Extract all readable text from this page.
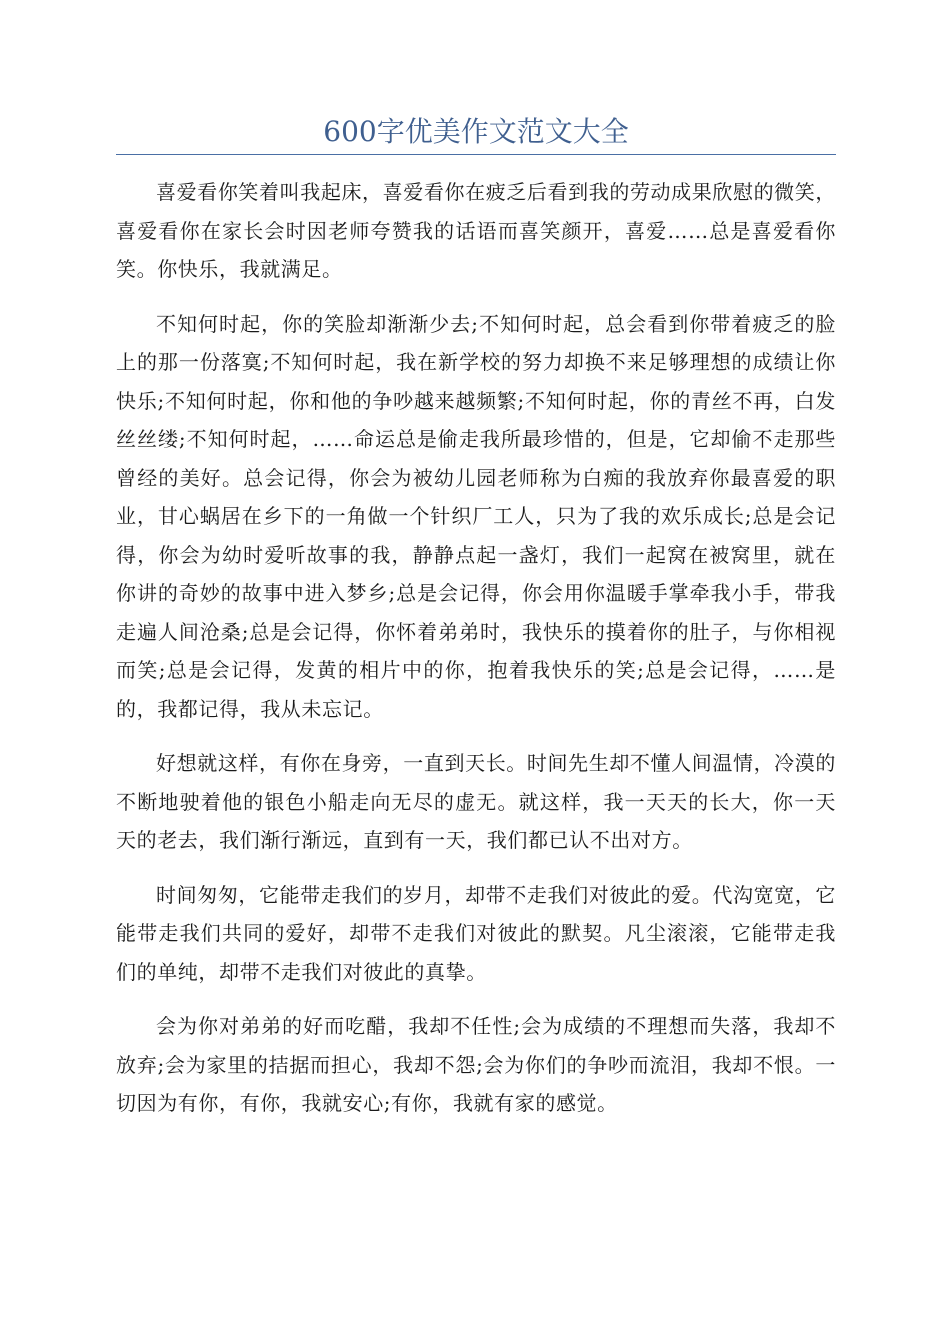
600字优美作文范文大全

喜爱看你笑着叫我起床，喜爱看你在疲乏后看到我的劳动成果欣慰的微笑，喜爱看你在家长会时因老师夸赞我的话语而喜笑颜开，喜爱……总是喜爱看你笑。你快乐，我就满足。

不知何时起，你的笑脸却渐渐少去;不知何时起，总会看到你带着疲乏的脸上的那一份落寞;不知何时起，我在新学校的努力却换不来足够理想的成绩让你快乐;不知何时起，你和他的争吵越来越频繁;不知何时起，你的青丝不再，白发丝丝缕;不知何时起，……命运总是偷走我所最珍惜的，但是，它却偷不走那些曾经的美好。总会记得，你会为被幼儿园老师称为白痴的我放弃你最喜爱的职业，甘心蜗居在乡下的一角做一个针织厂工人，只为了我的欢乐成长;总是会记得，你会为幼时爱听故事的我，静静点起一盏灯，我们一起窝在被窝里，就在你讲的奇妙的故事中进入梦乡;总是会记得，你会用你温暖手掌牵我小手，带我走遍人间沧桑;总是会记得，你怀着弟弟时，我快乐的摸着你的肚子，与你相视而笑;总是会记得，发黄的相片中的你，抱着我快乐的笑;总是会记得，……是的，我都记得，我从未忘记。

好想就这样，有你在身旁，一直到天长。时间先生却不懂人间温情，冷漠的不断地驶着他的银色小船走向无尽的虚无。就这样，我一天天的长大，你一天天的老去，我们渐行渐远，直到有一天，我们都已认不出对方。

时间匆匆，它能带走我们的岁月，却带不走我们对彼此的爱。代沟宽宽，它能带走我们共同的爱好，却带不走我们对彼此的默契。凡尘滚滚，它能带走我们的单纯，却带不走我们对彼此的真挚。

会为你对弟弟的好而吃醋，我却不任性;会为成绩的不理想而失落，我却不放弃;会为家里的拮据而担心，我却不怨;会为你们的争吵而流泪，我却不恨。一切因为有你，有你，我就安心;有你，我就有家的感觉。
